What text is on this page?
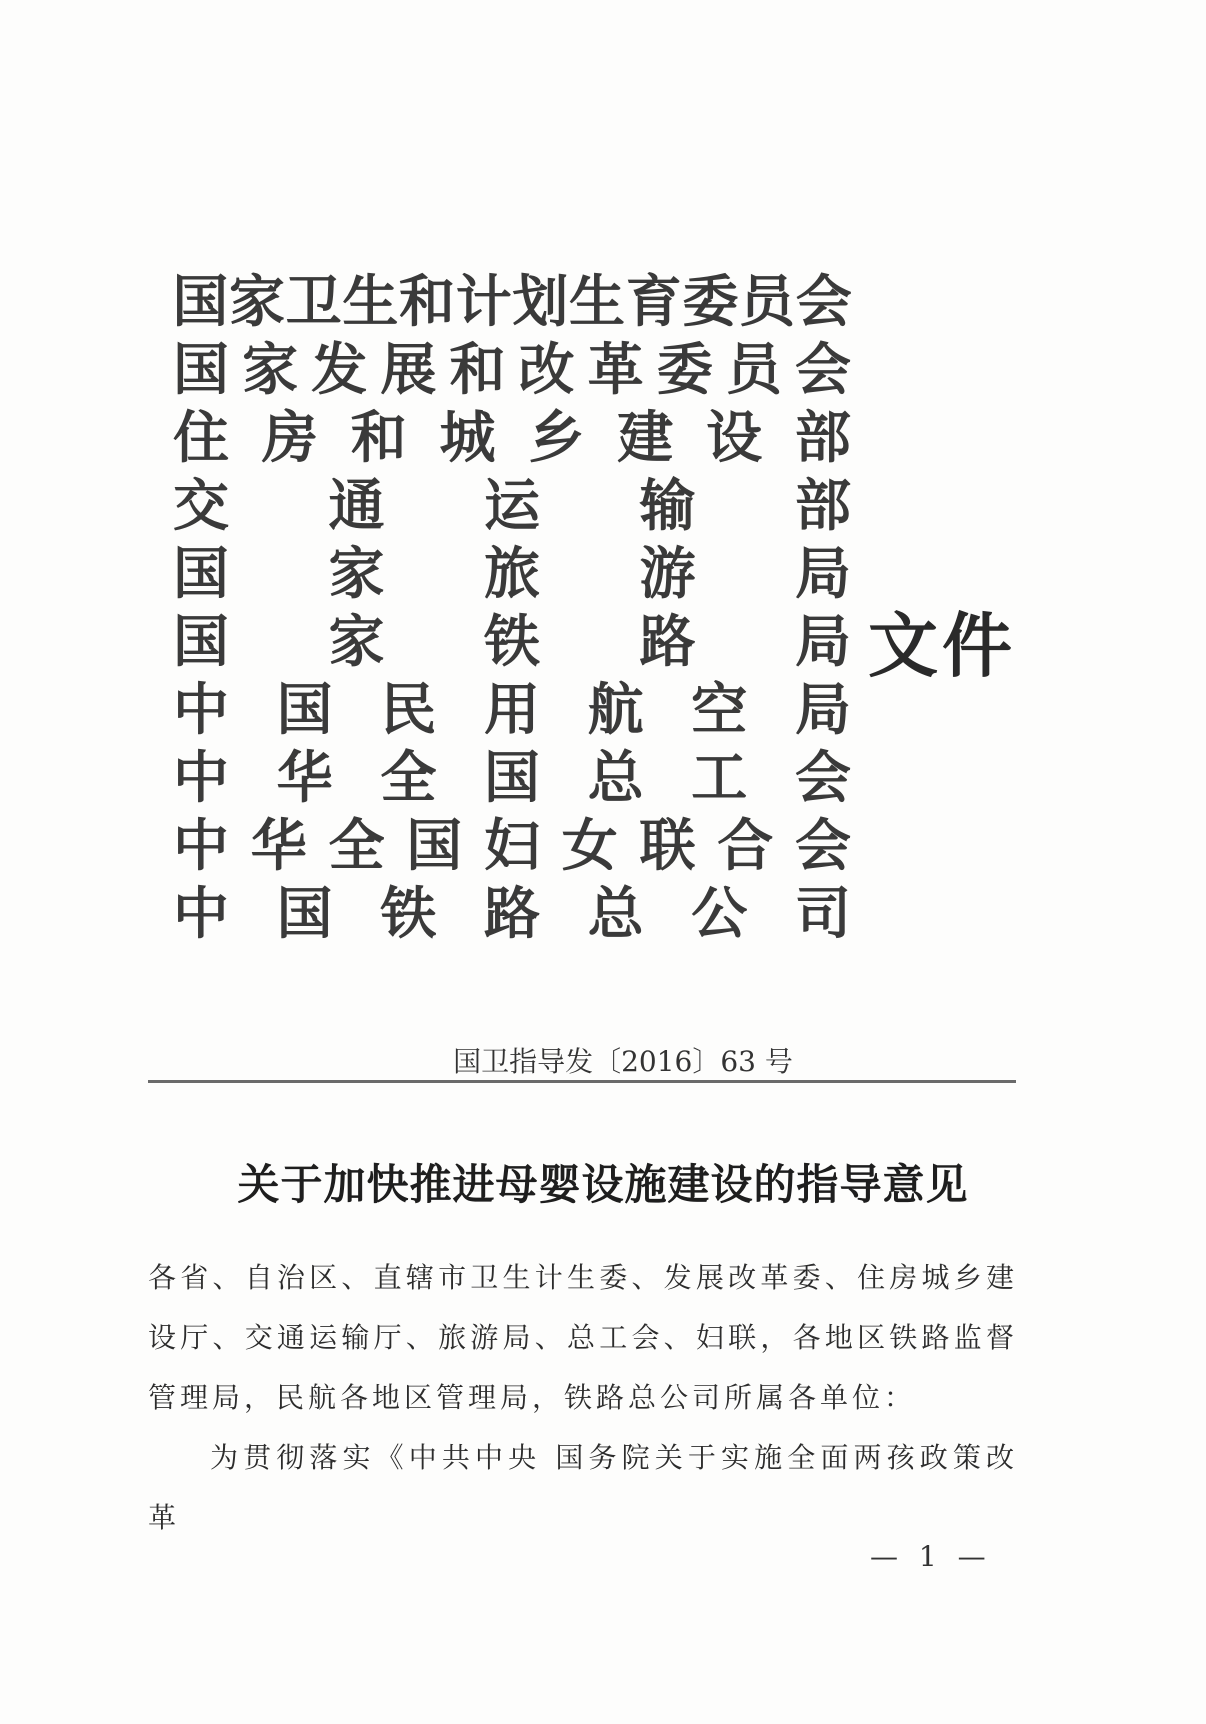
国 家 卫 生 和 计 划 生 育 委 员 会
国 家 发 展 和 改 革 委 员 会
住 房 和 城 乡 建 设 部
交 通 运 输 部
国 家 旅 游 局
国 家 铁 路 局
中 国 民 用 航 空 局
中 华 全 国 总 工 会
中 华 全 国 妇 女 联 合 会
中 国 铁 路 总 公 司
文件
国卫指导发〔2016〕63 号
关于加快推进母婴设施建设的指导意见

各省、自治区、直辖市卫生计生委、发展改革委、住房城乡建设厅、交通运输厅、旅游局、总工会、妇联，各地区铁路监督管理局，民航各地区管理局，铁路总公司所属各单位：

为贯彻落实《中共中央 国务院关于实施全面两孩政策改革

— 1 —
